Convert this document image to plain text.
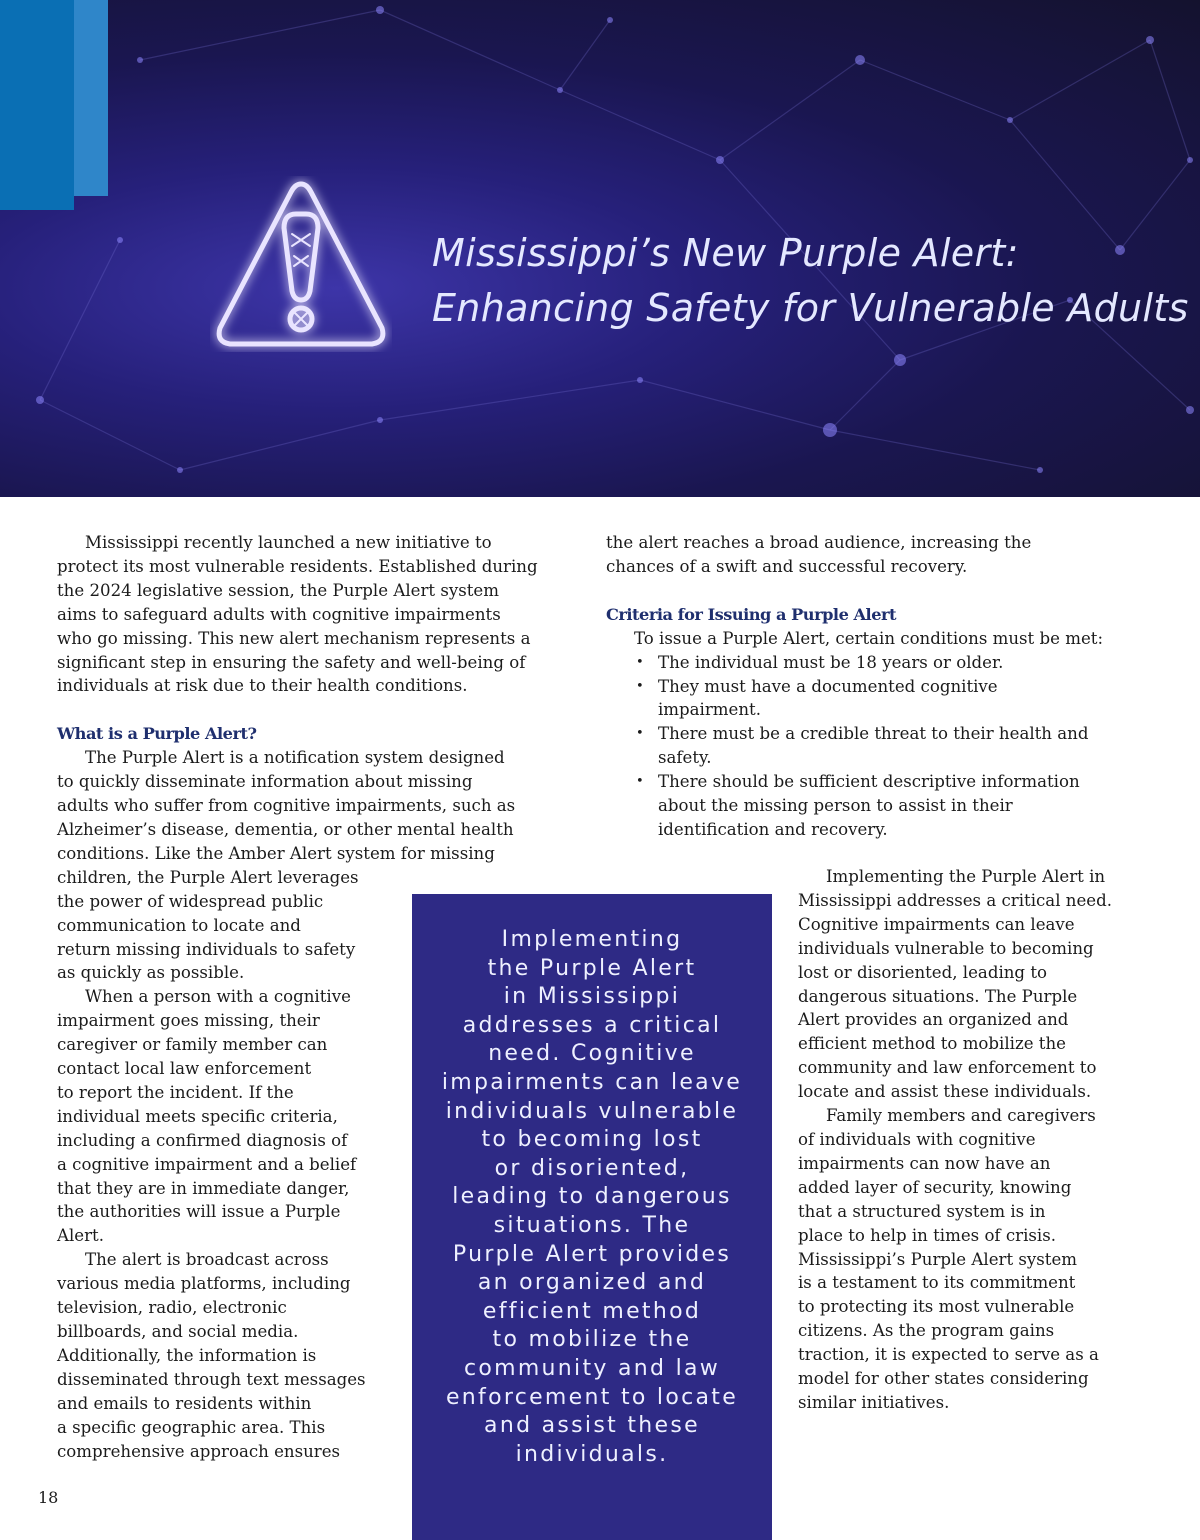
Mississippi’s New Purple Alert:
Enhancing Safety for Vulnerable Adults

Mississippi recently launched a new initiative to
protect its most vulnerable residents. Established during
the 2024 legislative session, the Purple Alert system
aims to safeguard adults with cognitive impairments
who go missing. This new alert mechanism represents a
significant step in ensuring the safety and well-being of
individuals at risk due to their health conditions.

What is a Purple Alert?

The Purple Alert is a notification system designed
to quickly disseminate information about missing
adults who suffer from cognitive impairments, such as
Alzheimer’s disease, dementia, or other mental health
conditions. Like the Amber Alert system for missing
children, the Purple Alert leverages
the power of widespread public
communication to locate and
return missing individuals to safety
as quickly as possible.

When a person with a cognitive
impairment goes missing, their
caregiver or family member can
contact local law enforcement
to report the incident. If the
individual meets specific criteria,
including a confirmed diagnosis of
a cognitive impairment and a belief
that they are in immediate danger,
the authorities will issue a Purple
Alert.

The alert is broadcast across
various media platforms, including
television, radio, electronic
billboards, and social media.
Additionally, the information is
disseminated through text messages
and emails to residents within
a specific geographic area. This
comprehensive approach ensures

the alert reaches a broad audience, increasing the
chances of a swift and successful recovery.

Criteria for Issuing a Purple Alert

To issue a Purple Alert, certain conditions must be met:

• The individual must be 18 years or older.
• They must have a documented cognitive
impairment.
• There must be a credible threat to their health and
safety.
• There should be sufficient descriptive information
about the missing person to assist in their
identification and recovery.

Implementing the Purple Alert in
Mississippi addresses a critical need.
Cognitive impairments can leave
individuals vulnerable to becoming
lost or disoriented, leading to
dangerous situations. The Purple
Alert provides an organized and
efficient method to mobilize the
community and law enforcement to
locate and assist these individuals.

Family members and caregivers
of individuals with cognitive
impairments can now have an
added layer of security, knowing
that a structured system is in
place to help in times of crisis.
Mississippi’s Purple Alert system
is a testament to its commitment
to protecting its most vulnerable
citizens. As the program gains
traction, it is expected to serve as a
model for other states considering
similar initiatives.

Implementing
the Purple Alert
in Mississippi
addresses a critical
need. Cognitive
impairments can leave
individuals vulnerable
to becoming lost
or disoriented,
leading to dangerous
situations. The
Purple Alert provides
an organized and
efficient method
to mobilize the
community and law
enforcement to locate
and assist these
individuals.
18
